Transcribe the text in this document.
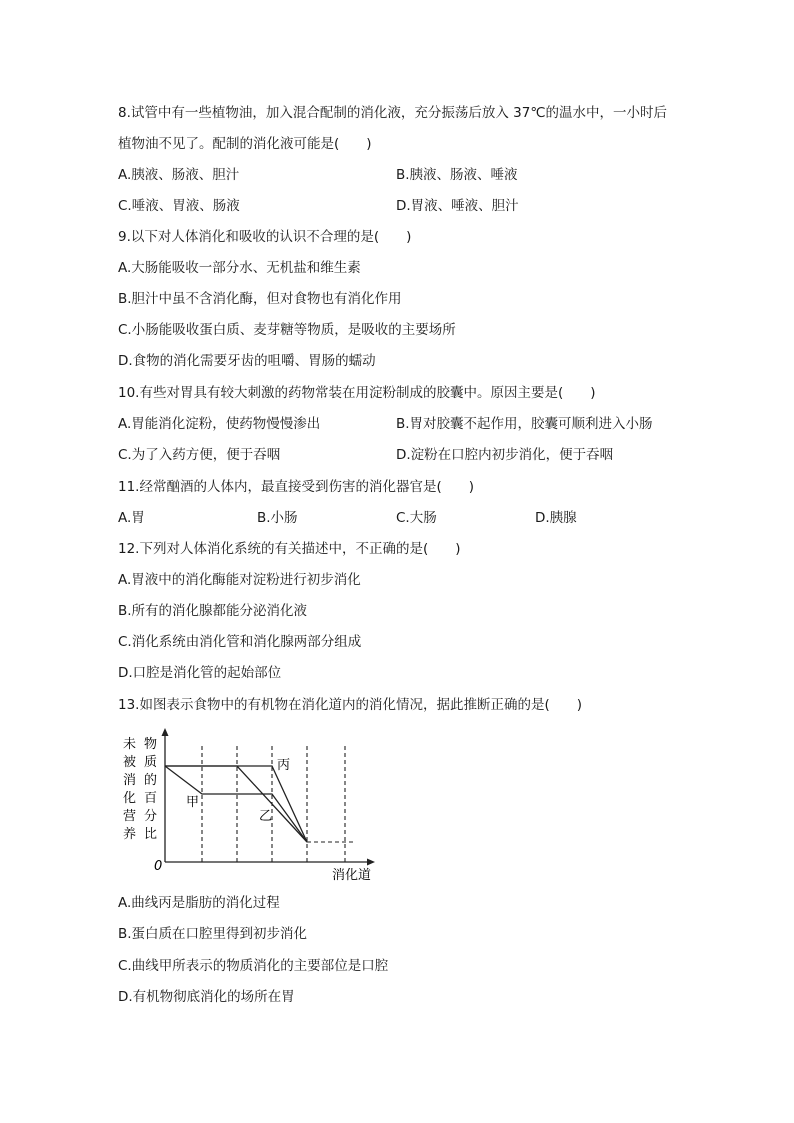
8.试管中有一些植物油，加入混合配制的消化液，充分振荡后放入 37℃的温水中，一小时后
植物油不见了。配制的消化液可能是(　　)
A.胰液、肠液、胆汁	B.胰液、肠液、唾液
C.唾液、胃液、肠液	D.胃液、唾液、胆汁
9.以下对人体消化和吸收的认识不合理的是(　　)
A.大肠能吸收一部分水、无机盐和维生素
B.胆汁中虽不含消化酶，但对食物也有消化作用
C.小肠能吸收蛋白质、麦芽糖等物质，是吸收的主要场所
D.食物的消化需要牙齿的咀嚼、胃肠的蠕动
10.有些对胃具有较大刺激的药物常装在用淀粉制成的胶囊中。原因主要是(　　)
A.胃能消化淀粉，使药物慢慢渗出	B.胃对胶囊不起作用，胶囊可顺利进入小肠
C.为了入药方便，便于吞咽	D.淀粉在口腔内初步消化，便于吞咽
11.经常酗酒的人体内，最直接受到伤害的消化器官是(　　)
A.胃	B.小肠	C.大肠	D.胰腺
12.下列对人体消化系统的有关描述中，不正确的是(　　)
A.胃液中的消化酶能对淀粉进行初步消化
B.所有的消化腺都能分泌消化液
C.消化系统由消化管和消化腺两部分组成
D.口腔是消化管的起始部位
13.如图表示食物中的有机物在消化道内的消化情况，据此推断正确的是(　　)
未被消化营养
物质的百分比
0
丙
甲
乙
消化道
A.曲线丙是脂肪的消化过程
B.蛋白质在口腔里得到初步消化
C.曲线甲所表示的物质消化的主要部位是口腔
D.有机物彻底消化的场所在胃
